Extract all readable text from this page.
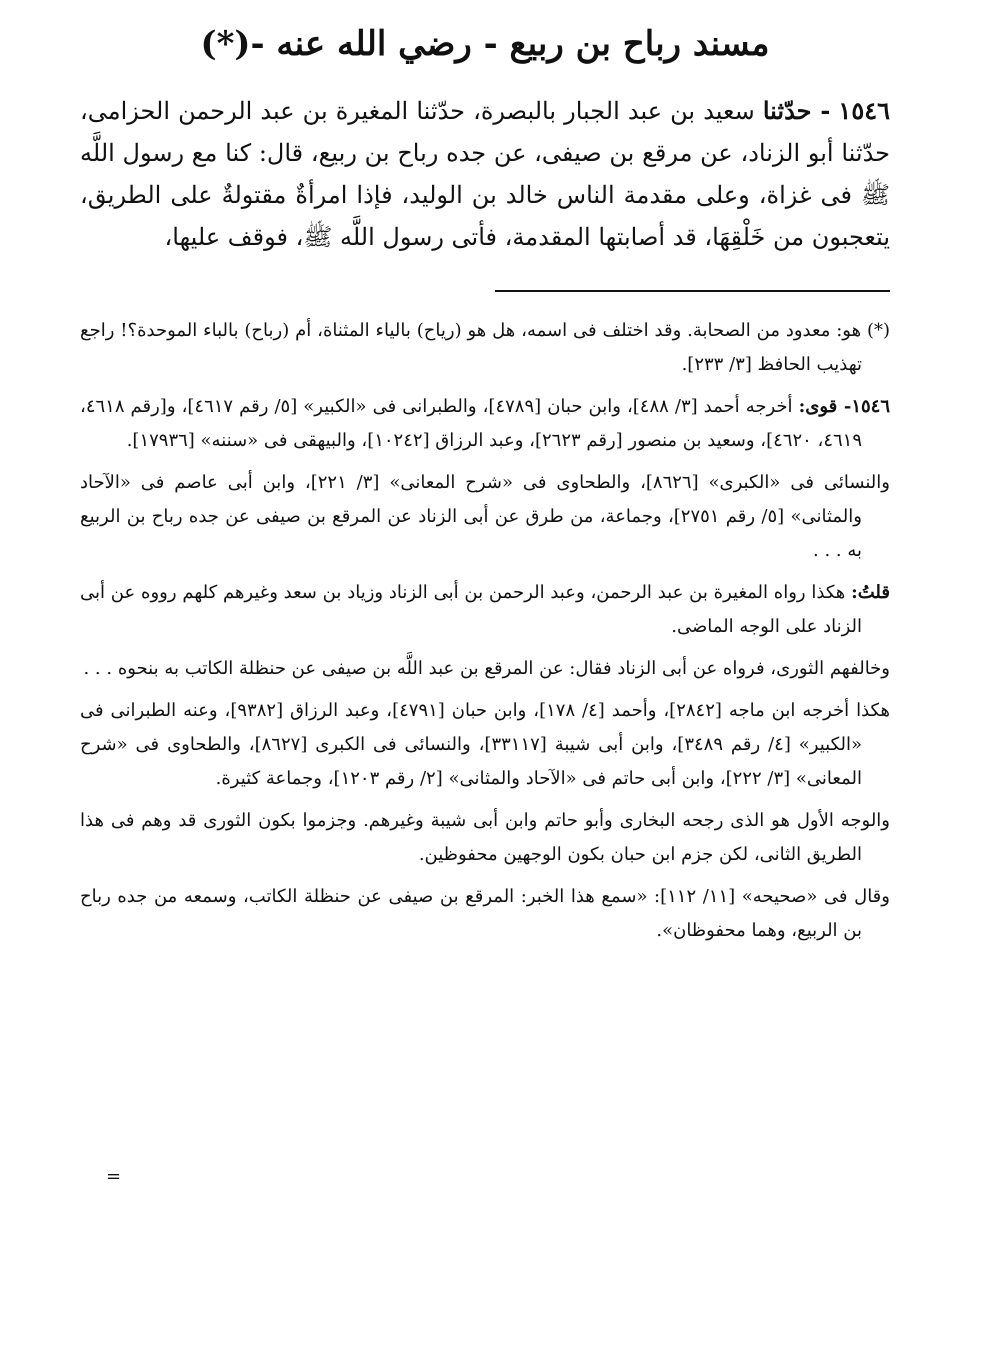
مسند رباح بن ربيع - رضي الله عنه -(*)

١٥٤٦ - حدّثنا سعيد بن عبد الجبار بالبصرة، حدّثنا المغيرة بن عبد الرحمن الحزامى، حدّثنا أبو الزناد، عن مرقع بن صيفى، عن جده رباح بن ربيع، قال: كنا مع رسول اللَّه ﷺ فى غزاة، وعلى مقدمة الناس خالد بن الوليد، فإذا امرأةٌ مقتولةٌ على الطريق، يتعجبون من خَلْقِهَا، قد أصابتها المقدمة، فأتى رسول اللَّه ﷺ، فوقف عليها،

(*) هو: معدود من الصحابة. وقد اختلف فى اسمه، هل هو (رياح) بالياء المثناة، أم (رباح) بالباء الموحدة؟! راجع تهذيب الحافظ [٣/ ٢٣٣].

١٥٤٦- قوى: أخرجه أحمد [٣/ ٤٨٨]، وابن حبان [٤٧٨٩]، والطبرانى فى «الكبير» [٥/ رقم ٤٦١٧]، و[رقم ٤٦١٨، ٤٦١٩، ٤٦٢٠]، وسعيد بن منصور [رقم ٢٦٢٣]، وعبد الرزاق [١٠٢٤٢]، والبيهقى فى «سننه» [١٧٩٣٦].

والنسائى فى «الكبرى» [٨٦٢٦]، والطحاوى فى «شرح المعانى» [٣/ ٢٢١]، وابن أبى عاصم فى «الآحاد والمثانى» [٥/ رقم ٢٧٥١]، وجماعة، من طرق عن أبى الزناد عن المرقع بن صيفى عن جده رباح بن الربيع به . . .

قلتُ: هكذا رواه المغيرة بن عبد الرحمن، وعبد الرحمن بن أبى الزناد وزياد بن سعد وغيرهم كلهم رووه عن أبى الزناد على الوجه الماضى.

وخالفهم الثورى، فرواه عن أبى الزناد فقال: عن المرقع بن عبد اللَّه بن صيفى عن حنظلة الكاتب به بنحوه . . .

هكذا أخرجه ابن ماجه [٢٨٤٢]، وأحمد [٤/ ١٧٨]، وابن حبان [٤٧٩١]، وعبد الرزاق [٩٣٨٢]، وعنه الطبرانى فى «الكبير» [٤/ رقم ٣٤٨٩]، وابن أبى شيبة [٣٣١١٧]، والنسائى فى الكبرى [٨٦٢٧]، والطحاوى فى «شرح المعانى» [٣/ ٢٢٢]، وابن أبى حاتم فى «الآحاد والمثانى» [٢/ رقم ١٢٠٣]، وجماعة كثيرة.

والوجه الأول هو الذى رجحه البخارى وأبو حاتم وابن أبى شيبة وغيرهم. وجزموا بكون الثورى قد وهم فى هذا الطريق الثانى، لكن جزم ابن حبان بكون الوجهين محفوظين.

وقال فى «صحيحه» [١١/ ١١٢]: «سمع هذا الخبر: المرقع بن صيفى عن حنظلة الكاتب، وسمعه من جده رباح بن الربيع، وهما محفوظان».

=
